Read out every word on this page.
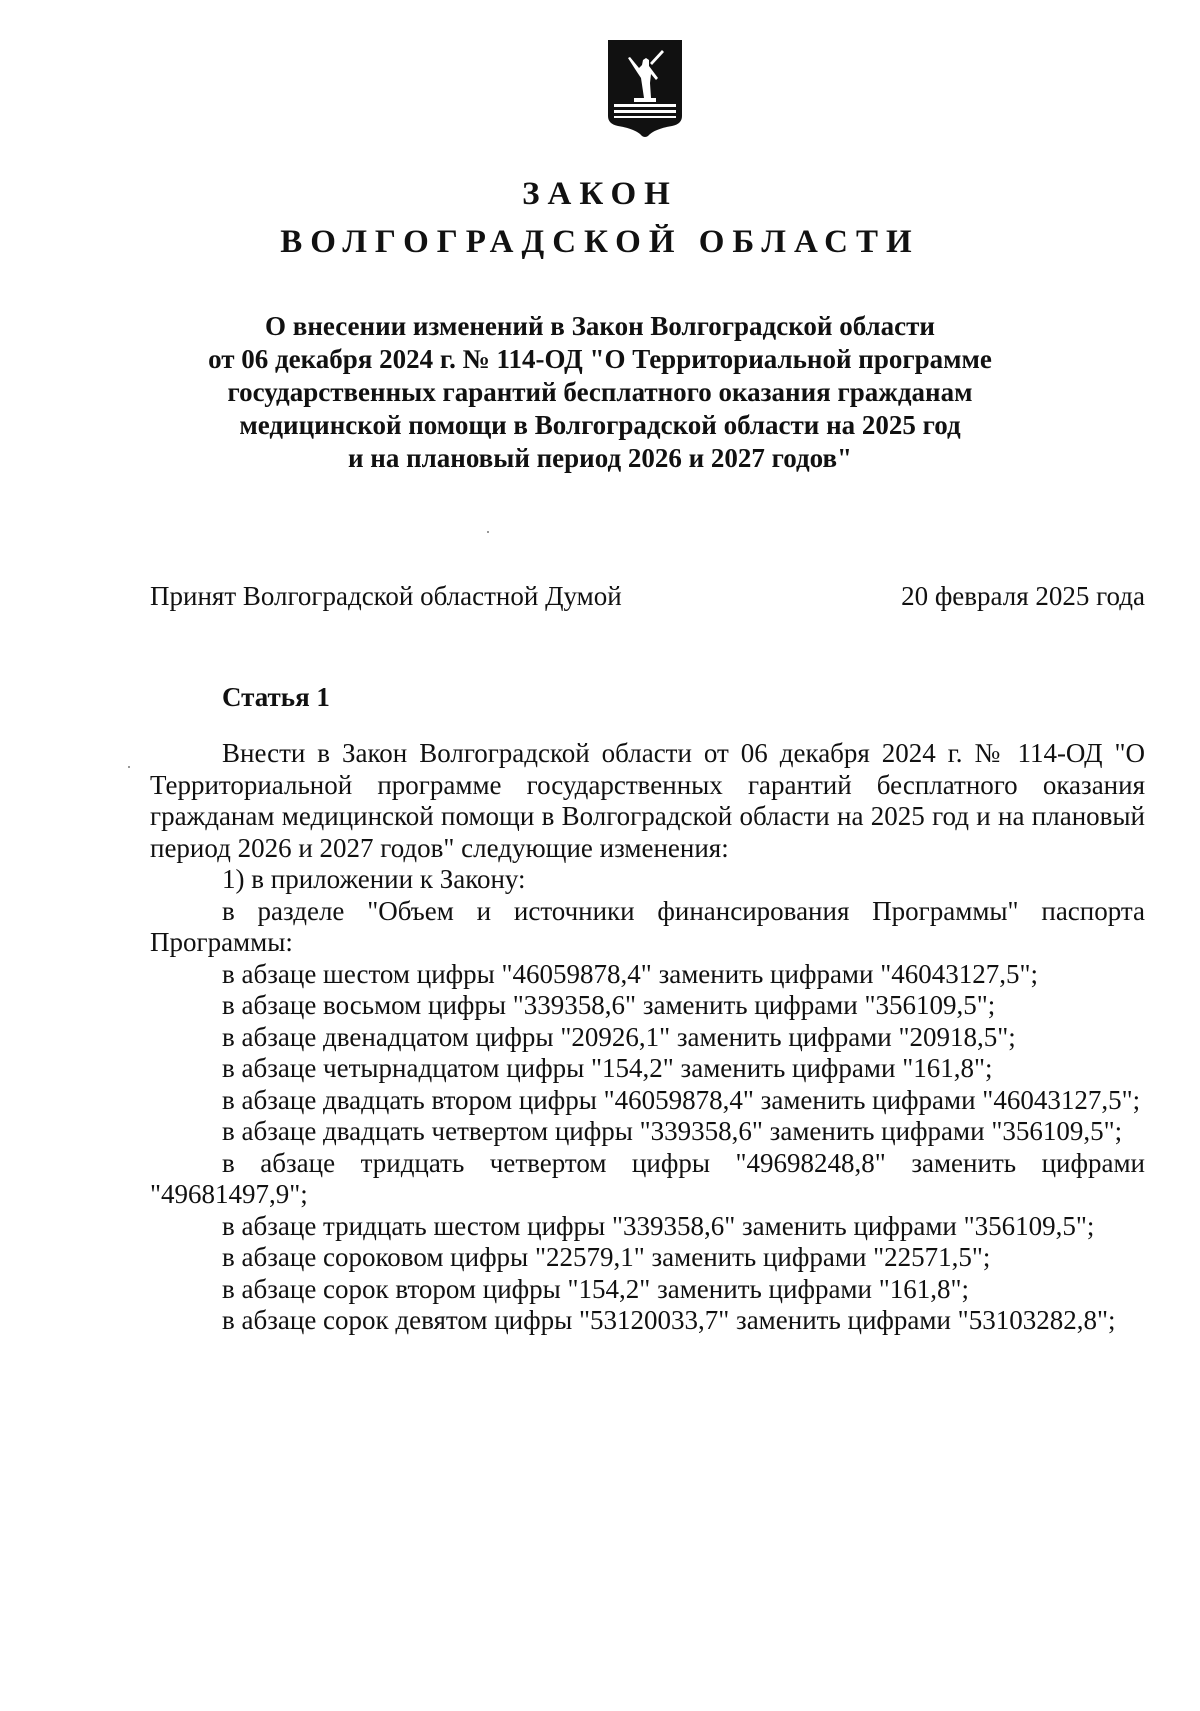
ЗАКОН
ВОЛГОГРАДСКОЙ ОБЛАСТИ
О внесении изменений в Закон Волгоградской области
от 06 декабря 2024 г. № 114-ОД "О Территориальной программе
государственных гарантий бесплатного оказания гражданам
медицинской помощи в Волгоградской области на 2025 год
и на плановый период 2026 и 2027 годов"
Принят Волгоградской областной Думой	20 февраля 2025 года
Статья 1

Внести в Закон Волгоградской области от 06 декабря 2024 г. № 114-ОД "О Территориальной программе государственных гарантий бесплатного оказания гражданам медицинской помощи в Волгоградской области на 2025 год и на плановый период 2026 и 2027 годов" следующие изменения:

1) в приложении к Закону:

в разделе "Объем и источники финансирования Программы" паспорта Программы:

в абзаце шестом цифры "46059878,4" заменить цифрами "46043127,5";

в абзаце восьмом цифры "339358,6" заменить цифрами "356109,5";

в абзаце двенадцатом цифры "20926,1" заменить цифрами "20918,5";

в абзаце четырнадцатом цифры "154,2" заменить цифрами "161,8";

в абзаце двадцать втором цифры "46059878,4" заменить цифрами "46043127,5";

в абзаце двадцать четвертом цифры "339358,6" заменить цифрами "356109,5";

в абзаце тридцать четвертом цифры "49698248,8" заменить цифрами "49681497,9";

в абзаце тридцать шестом цифры "339358,6" заменить цифрами "356109,5";

в абзаце сороковом цифры "22579,1" заменить цифрами "22571,5";

в абзаце сорок втором цифры "154,2" заменить цифрами "161,8";

в абзаце сорок девятом цифры "53120033,7" заменить цифрами "53103282,8";
